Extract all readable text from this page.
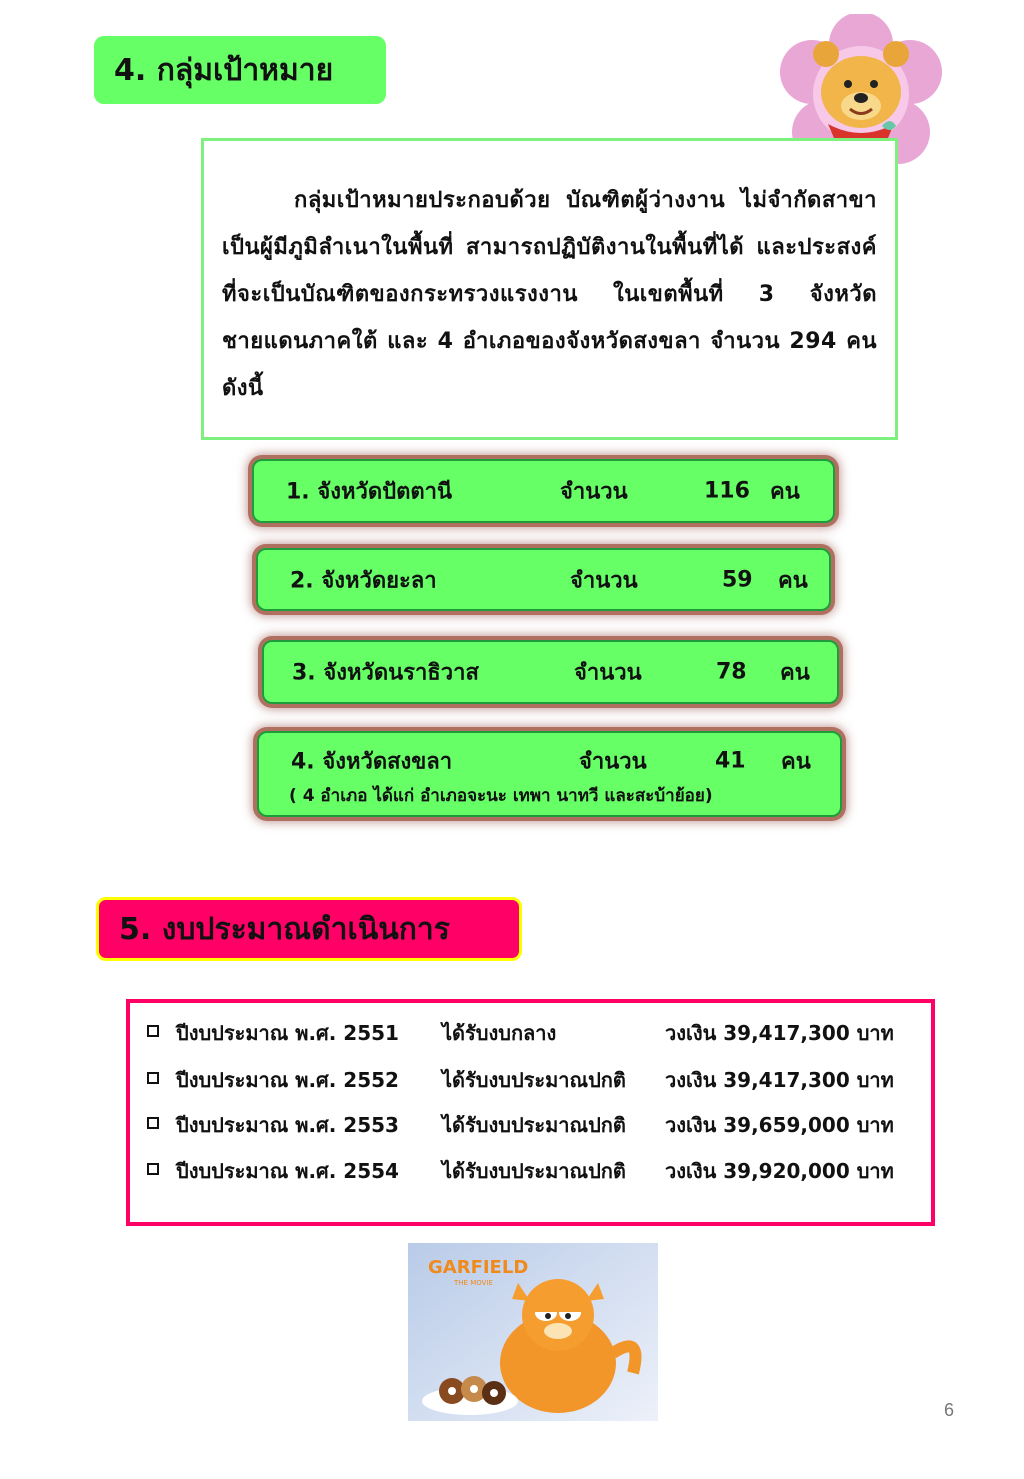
4. กลุ่มเป้าหมาย

กลุ่มเป้าหมายประกอบด้วย บัณฑิตผู้ว่างงาน ไม่จำกัดสาขา เป็นผู้มีภูมิลำเนาในพื้นที่ สามารถปฏิบัติงานในพื้นที่ได้ และประสงค์ที่จะเป็นบัณฑิตของกระทรวงแรงงาน ในเขตพื้นที่ 3 จังหวัดชายแดนภาคใต้ และ 4 อำเภอของจังหวัดสงขลา จำนวน 294 คน ดังนี้

1. จังหวัดปัตตานี	จำนวน	116 คน
2. จังหวัดยะลา	จำนวน	59 คน
3. จังหวัดนราธิวาส	จำนวน	78 คน
4. จังหวัดสงขลา	จำนวน	41 คน
( 4 อำเภอ ได้แก่ อำเภอจะนะ เทพา นาทวี และสะบ้าย้อย)
5. งบประมาณดำเนินการ
ปีงบประมาณ พ.ศ. 2551 ได้รับงบกลาง	วงเงิน 39,417,300 บาท
ปีงบประมาณ พ.ศ. 2552 ได้รับงบประมาณปกติ วงเงิน 39,417,300 บาท
ปีงบประมาณ พ.ศ. 2553 ได้รับงบประมาณปกติ วงเงิน 39,659,000 บาท
ปีงบประมาณ พ.ศ. 2554 ได้รับงบประมาณปกติ วงเงิน 39,920,000 บาท
GARFIELD
THE MOVIE
6
